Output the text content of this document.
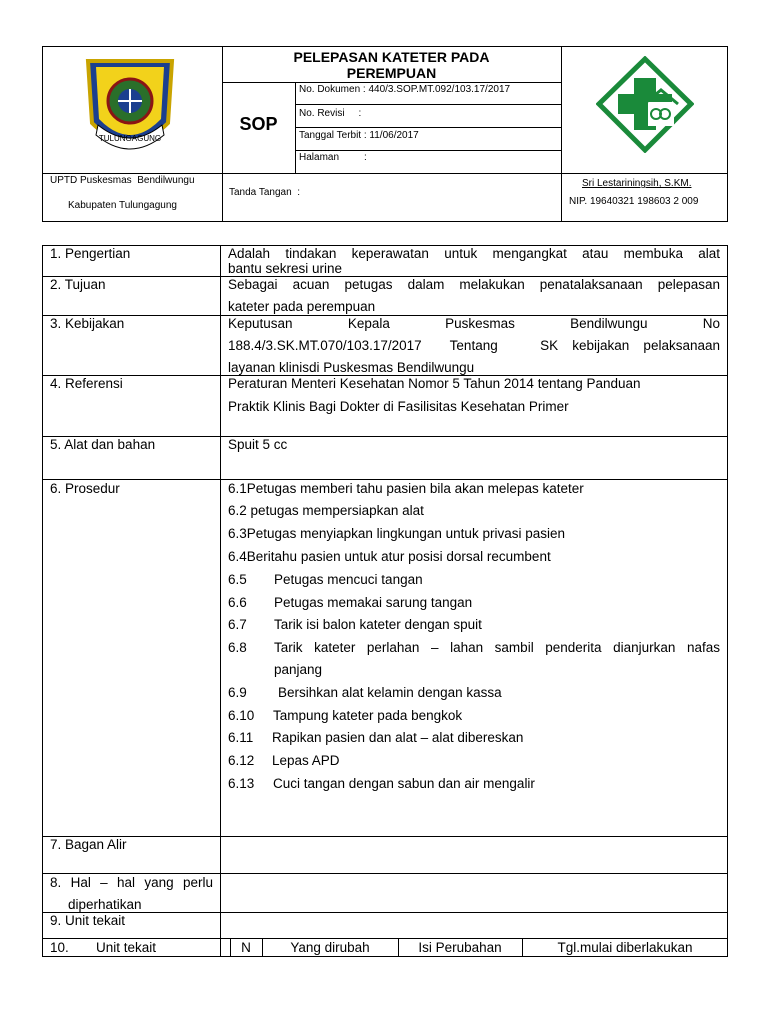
TULUNGAGUNG
PELEPASAN KATETER PADA
PEREMPUAN
SOP
No. Dokumen : 440/3.SOP.MT.092/103.17/2017
No. Revisi     :
Tanggal Terbit : 11/06/2017
Halaman         :
UPTD Puskesmas  Bendilwungu
Kabupaten Tulungagung
Tanda Tangan  :
Sri Lestariningsih, S.KM.
NIP. 19640321 198603 2 009
1. Pengertian	Adalah  tindakan  keperawatan  untuk  mengangkat  atau  membuka  alat
bantu sekresi urine
2. Tujuan	Sebagai  acuan  petugas  dalam  melakukan  penatalaksanaan  pelepasan
kateter pada perempuan
3. Kebijakan	Keputusan          Kepala          Puskesmas          Bendilwungu          No
188.4/3.SK.MT.070/103.17/2017  Tentang   SK kebijakan pelaksanaan
layanan klinisdi Puskesmas Bendilwungu
4. Referensi	Peraturan Menteri Kesehatan Nomor 5 Tahun 2014 tentang Panduan
Praktik Klinis Bagi Dokter di Fasilisitas Kesehatan Primer
5. Alat dan bahan	Spuit 5 cc
6. Prosedur	6.1Petugas memberi tahu pasien bila akan melepas kateter
6.2 petugas mempersiapkan alat
6.3Petugas menyiapkan lingkungan untuk privasi pasien
6.4Beritahu pasien untuk atur posisi dorsal recumbent
6.5 Petugas mencuci tangan
6.6 Petugas memakai sarung tangan
6.7 Tarik isi balon kateter dengan spuit
6.8 Tarik  kateter  perlahan  –  lahan  sambil  penderita  dianjurkan  nafas
panjang
6.9 Bersihkan alat kelamin dengan kassa
6.10 Tampung kateter pada bengkok
6.11 Rapikan pasien dan alat – alat dibereskan
6.12 Lepas APD
6.13 Cuci tangan dengan sabun dan air mengalir
7. Bagan Alir
8.  Hal  –  hal  yang  perlu
diperhatikan
9. Unit tekait
10. Unit tekait	N	Yang dirubah	Isi Perubahan	Tgl.mulai diberlakukan
